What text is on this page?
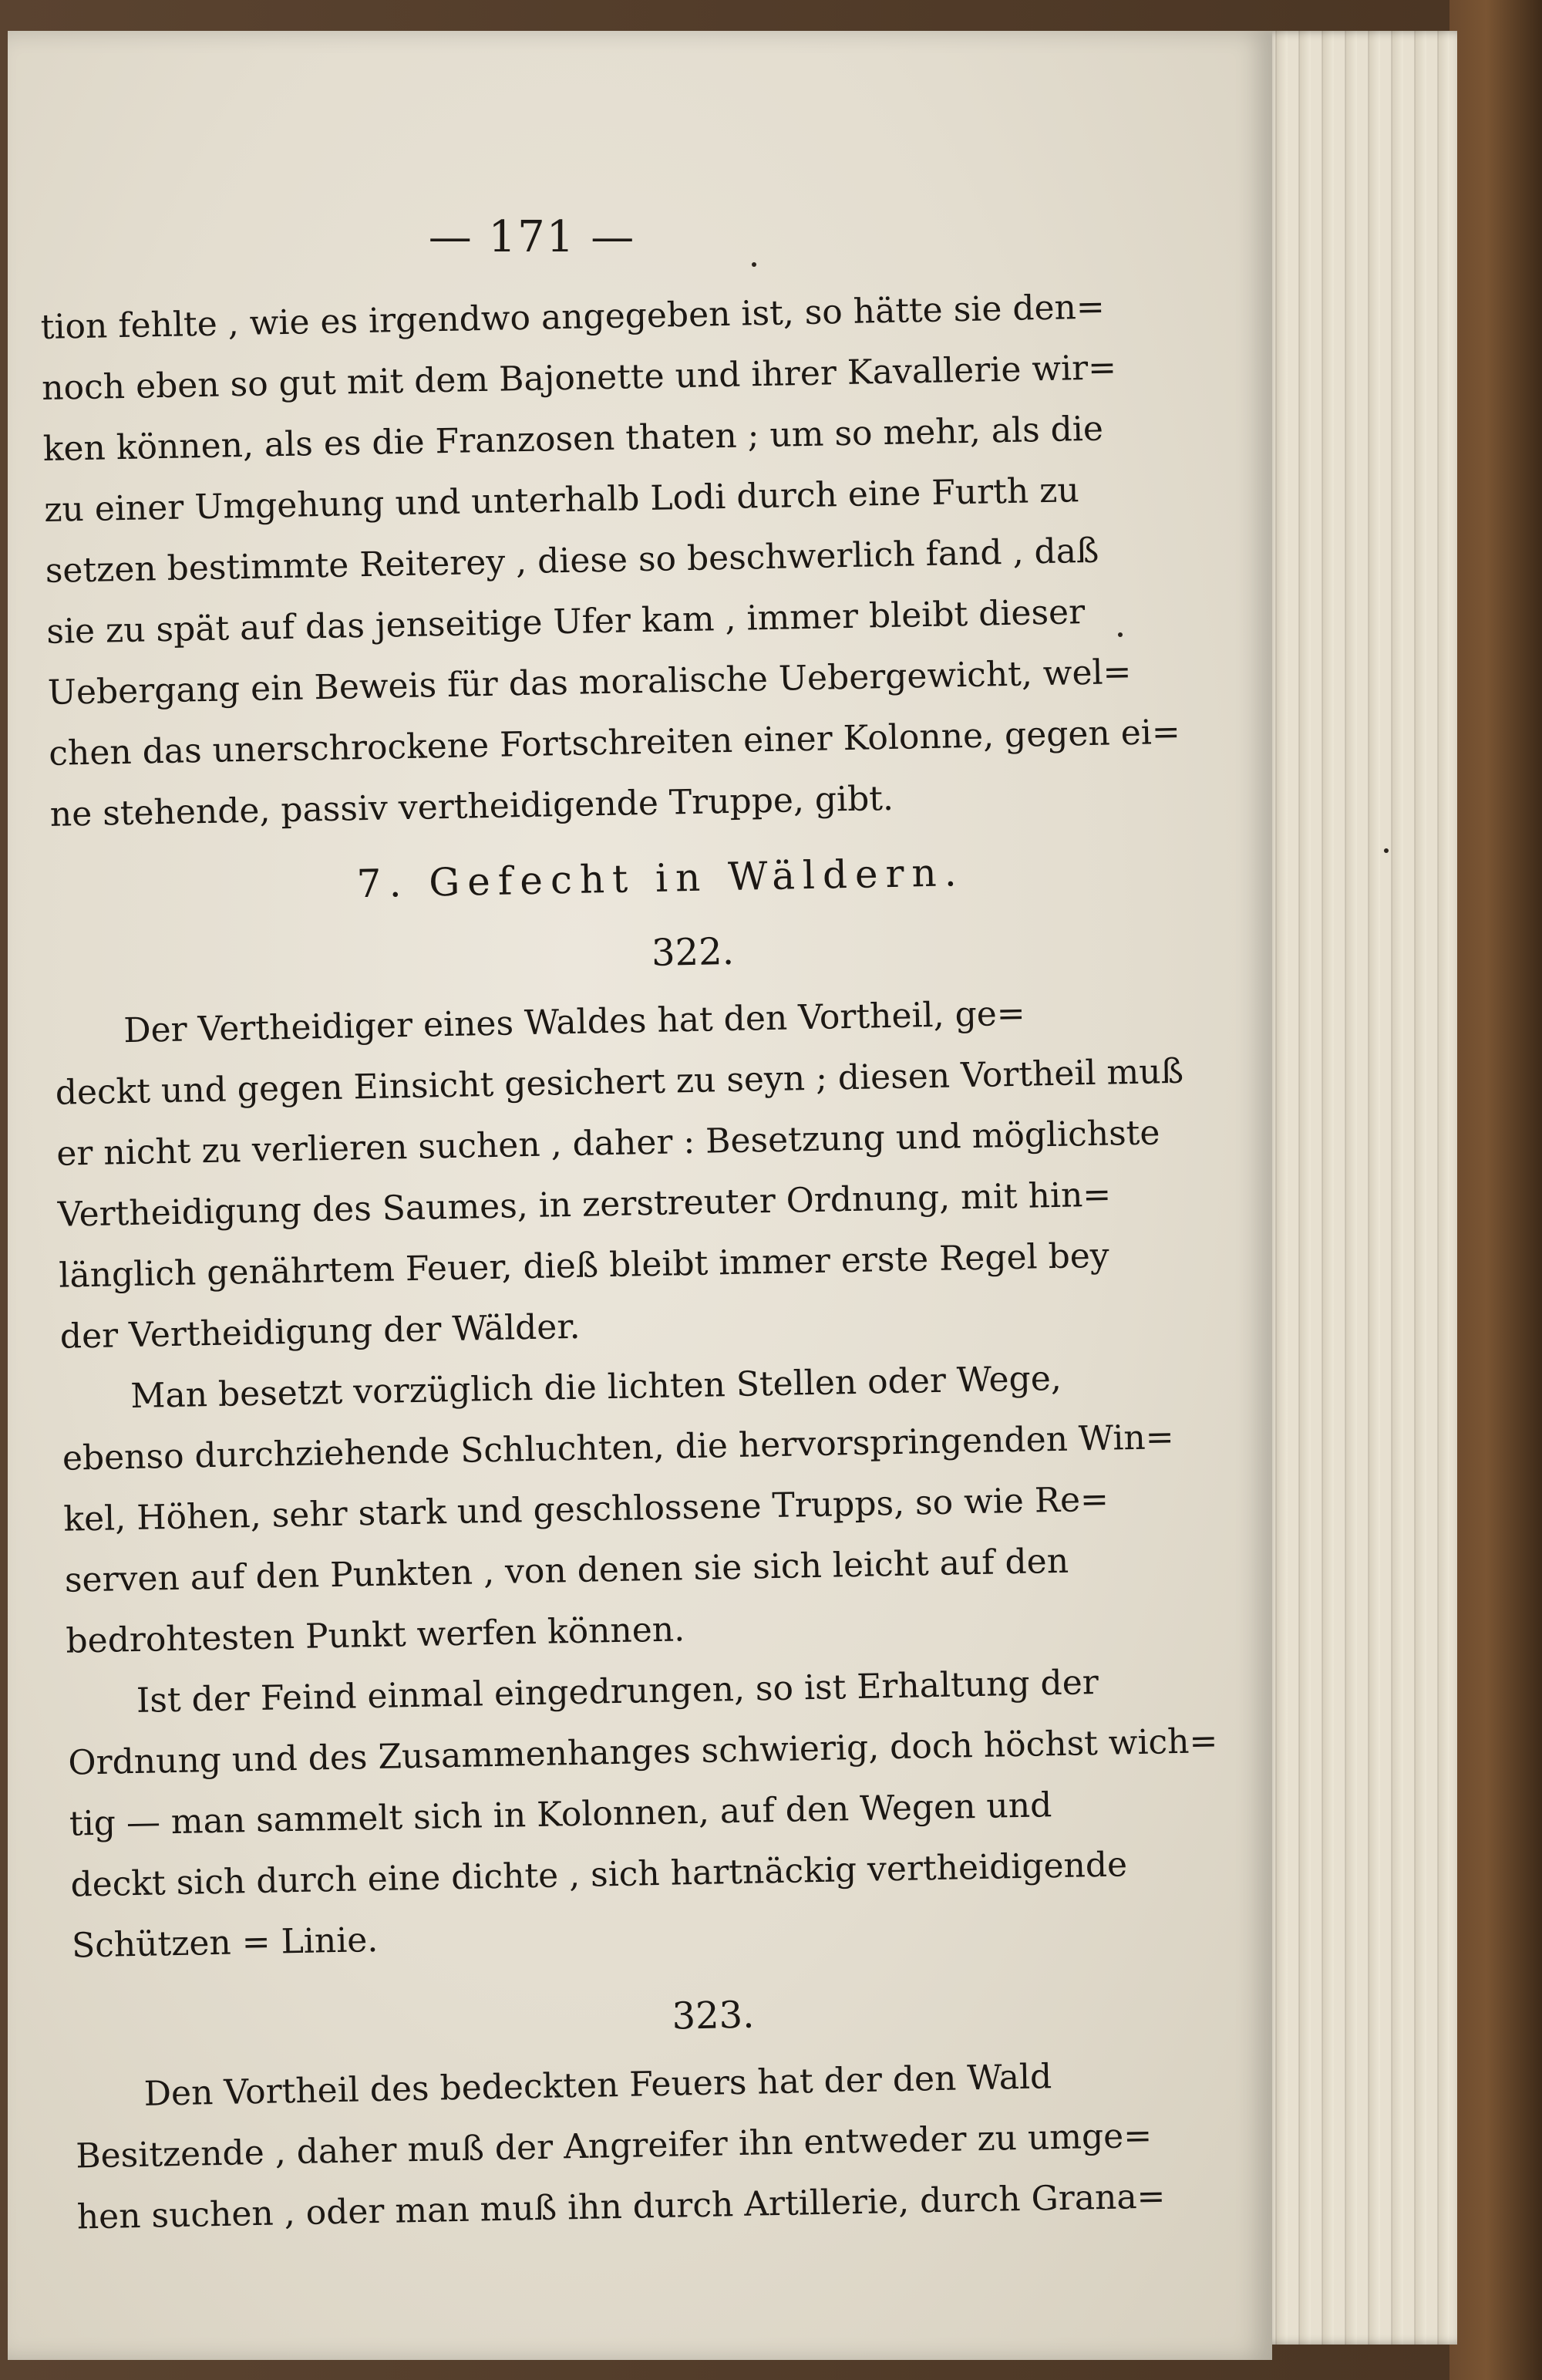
— 171 —
tion fehlte , wie es irgendwo angegeben ist, so hätte sie den=
noch eben so gut mit dem Bajonette und ihrer Kavallerie wir=
ken können, als es die Franzosen thaten ; um so mehr, als die
zu einer Umgehung und unterhalb Lodi durch eine Furth zu
setzen bestimmte Reiterey , diese so beschwerlich fand , daß
sie zu spät auf das jenseitige Ufer kam , immer bleibt dieser
Uebergang ein Beweis für das moralische Uebergewicht, wel=
chen das unerschrockene Fortschreiten einer Kolonne, gegen ei=
ne stehende, passiv vertheidigende Truppe, gibt.
7. Gefecht in Wäldern.
322.
Der Vertheidiger eines Waldes hat den Vortheil, ge=
deckt und gegen Einsicht gesichert zu seyn ; diesen Vortheil muß
er nicht zu verlieren suchen , daher : Besetzung und möglichste
Vertheidigung des Saumes, in zerstreuter Ordnung, mit hin=
länglich genährtem Feuer, dieß bleibt immer erste Regel bey
der Vertheidigung der Wälder.
Man besetzt vorzüglich die lichten Stellen oder Wege,
ebenso durchziehende Schluchten, die hervorspringenden Win=
kel, Höhen, sehr stark und geschlossene Trupps, so wie Re=
serven auf den Punkten , von denen sie sich leicht auf den
bedrohtesten Punkt werfen können.
Ist der Feind einmal eingedrungen, so ist Erhaltung der
Ordnung und des Zusammenhanges schwierig, doch höchst wich=
tig — man sammelt sich in Kolonnen, auf den Wegen und
deckt sich durch eine dichte , sich hartnäckig vertheidigende
Schützen = Linie.
323.
Den Vortheil des bedeckten Feuers hat der den Wald
Besitzende , daher muß der Angreifer ihn entweder zu umge=
hen suchen , oder man muß ihn durch Artillerie, durch Grana=
